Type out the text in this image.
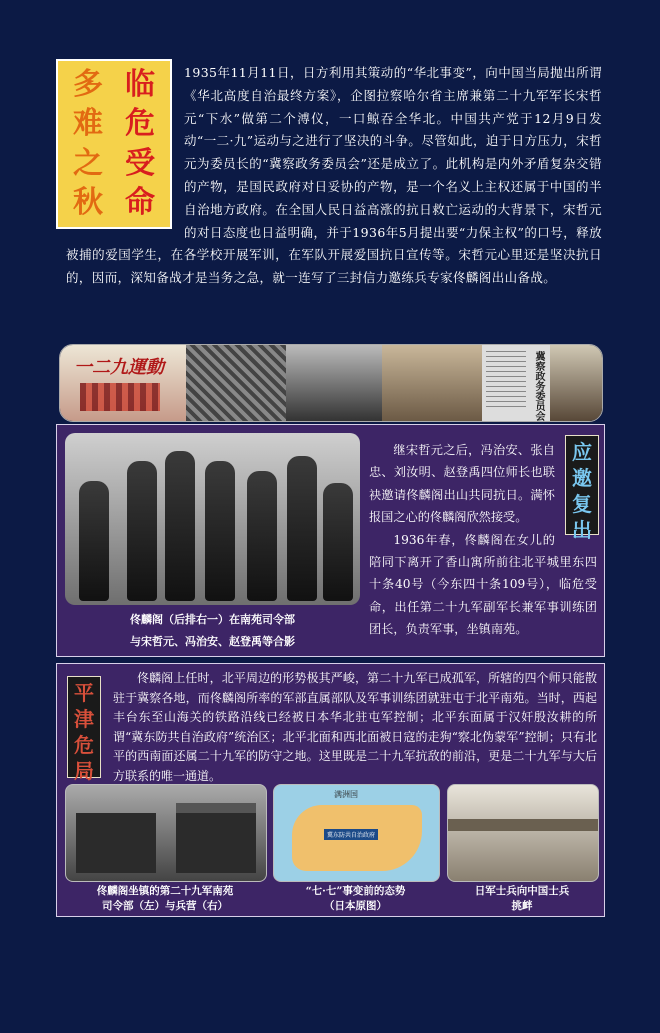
多
难
之
秋
临
危
受
命
1935年11月11日，日方利用其策动的“华北事变”，向中国当局抛出所谓《华北高度自治最终方案》，企图拉察哈尔省主席兼第二十九军军长宋哲元“下水”做第二个溥仪，一口鲸吞全华北。中国共产党于12月9日发动“一二·九”运动与之进行了坚决的斗争。尽管如此，迫于日方压力，宋哲元为委员长的“冀察政务委员会”还是成立了。此机构是内外矛盾复杂交错的产物，是国民政府对日妥协的产物，是一个名义上主权还属于中国的半自治地方政府。在全国人民日益高涨的抗日救亡运动的大背景下，宋哲元的对日态度也日益明确，并于1936年5月提出要“力保主权”的口号，释放被捕的爱国学生，在各学校开展军训，在军队开展爱国抗日宣传等。宋哲元心里还是坚决抗日的，因而，深知备战才是当务之急，就一连写了三封信力邀练兵专家佟麟阁出山备战。
一二九運動	冀察政务委员会
佟麟阁（后排右一）在南苑司令部
与宋哲元、冯治安、赵登禹等合影

继宋哲元之后，冯治安、张自忠、刘汝明、赵登禹四位师长也联袂邀请佟麟阁出山共同抗日。满怀报国之心的佟麟阁欣然接受。

1936年春，佟麟阁在女儿的陪同下离开了香山寓所前往北平城里东四十条40号（今东四十条109号），临危受命，出任第二十九军副军长兼军事训练团团长，负责军事，坐镇南苑。

应
邀
复
出

佟麟阁上任时，北平周边的形势极其严峻，第二十九军已成孤军，所辖的四个师只能散驻于冀察各地，而佟麟阁所率的军部直属部队及军事训练团就驻屯于北平南苑。当时，西起丰台东至山海关的铁路沿线已经被日本华北驻屯军控制；北平东面属于汉奸殷汝耕的所谓“冀东防共自治政府”统治区；北平北面和西北面被日寇的走狗“察北伪蒙军”控制；只有北平的西南面还属二十九军的防守之地。这里既是二十九军抗敌的前沿，更是二十九军与大后方联系的唯一通道。

平
津
危
局
满洲国
冀东防共自治政府
佟麟阁坐镇的第二十九军南苑
司令部（左）与兵营（右）
“七·七”事变前的态势
（日本原图）
日军士兵向中国士兵
挑衅
